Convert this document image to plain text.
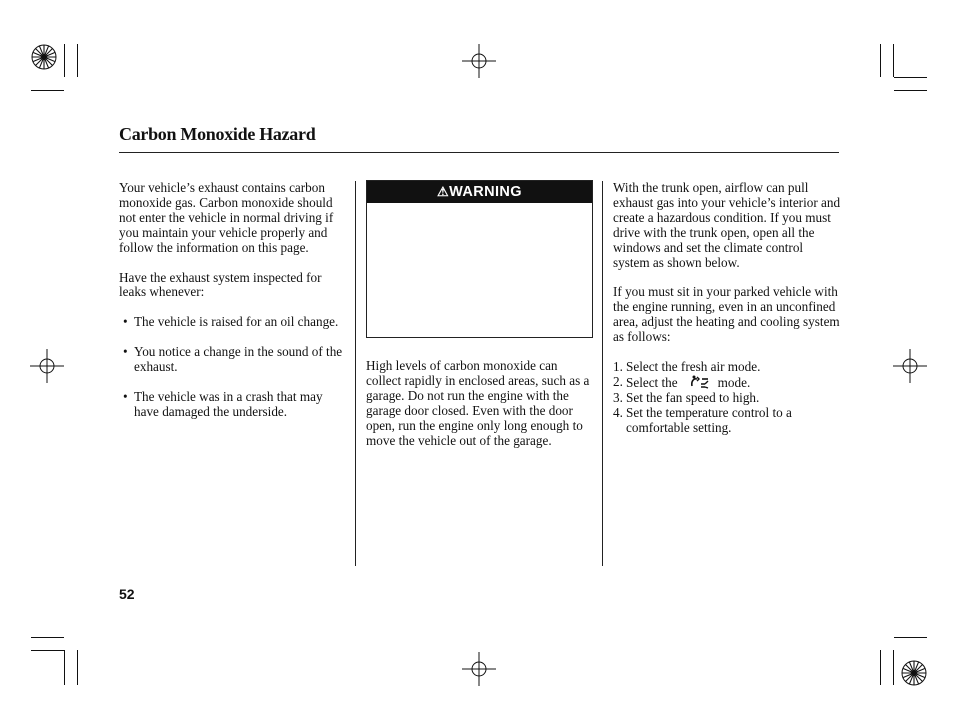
Carbon Monoxide Hazard
Your vehicle’s exhaust contains carbon monoxide gas. Carbon monoxide should not enter the vehicle in normal driving if you maintain your vehicle properly and follow the information on this page.
Have the exhaust system inspected for leaks whenever:
• The vehicle is raised for an oil change.
• You notice a change in the sound of the exhaust.
• The vehicle was in a crash that may have damaged the underside.
⚠WARNING
High levels of carbon monoxide can collect rapidly in enclosed areas, such as a garage. Do not run the engine with the garage door closed. Even with the door open, run the engine only long enough to move the vehicle out of the garage.
With the trunk open, airflow can pull exhaust gas into your vehicle’s interior and create a hazardous condition. If you must drive with the trunk open, open all the windows and set the climate control system as shown below.
If you must sit in your parked vehicle with the engine running, even in an unconfined area, adjust the heating and cooling system as follows:
1. Select the fresh air mode.
2. Select the	mode.
3. Set the fan speed to high.
4. Set the temperature control to a comfortable setting.
52
